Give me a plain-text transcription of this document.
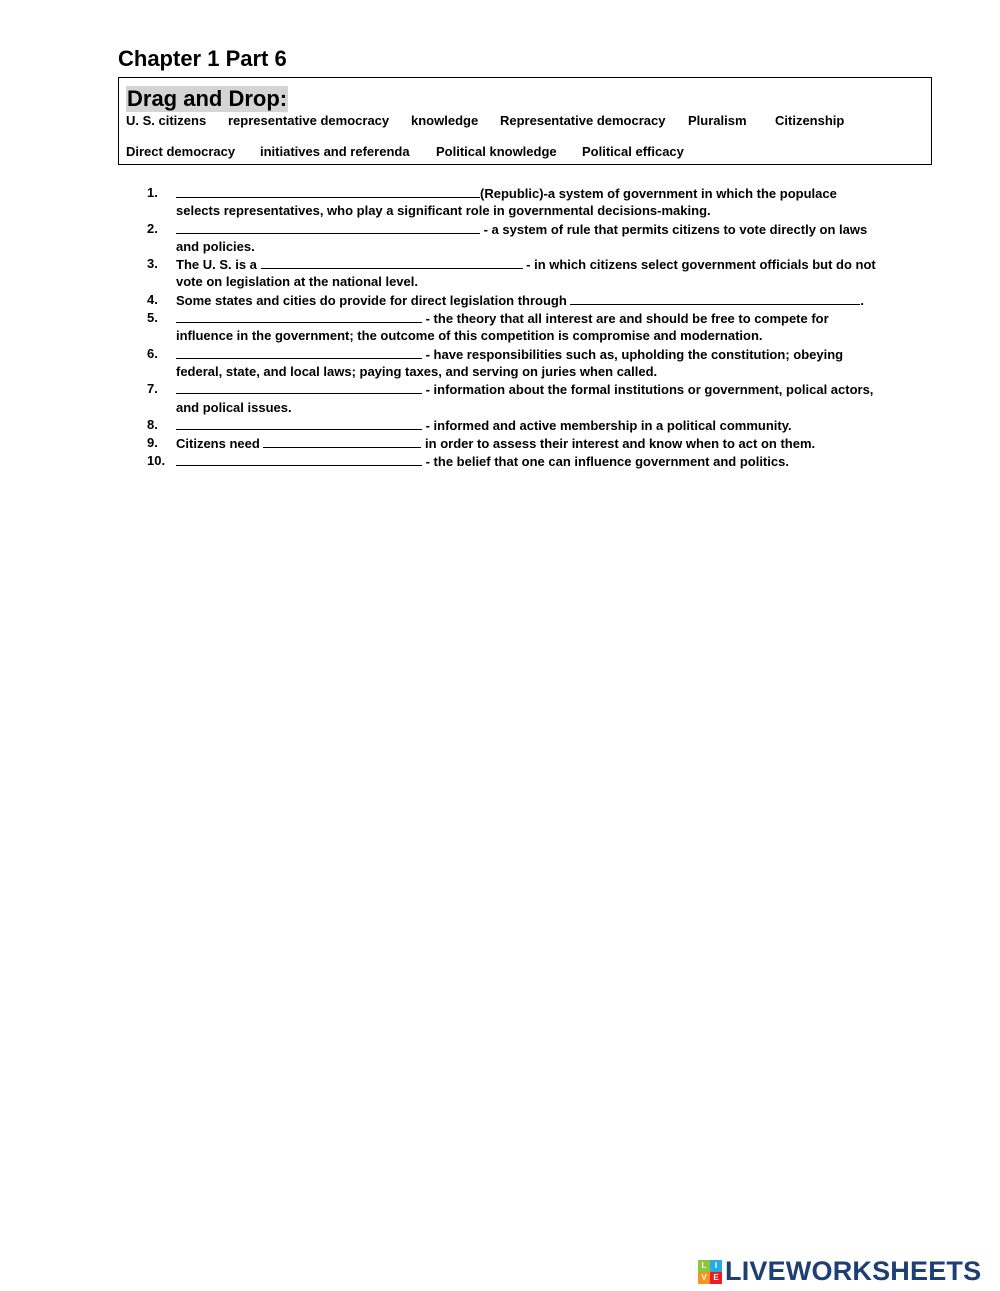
Chapter 1 Part 6
Drag and Drop:
U. S. citizens representative democracy knowledge Representative democracy Pluralism Citizenship
Direct democracy initiatives and referenda Political knowledge Political efficacy
1.	(Republic)-a system of government in which the populace selects representatives, who play a significant role in governmental decisions-making.
2.	- a system of rule that permits citizens to vote directly on laws and policies.
3.	The U. S. is a	- in which citizens select government officials but do not vote on legislation at the national level.
4.	Some states and cities do provide for direct legislation through	.
5.	- the theory that all interest are and should be free to compete for influence in the government; the outcome of this competition is compromise and modernation.
6.	- have responsibilities such as, upholding the constitution; obeying federal, state, and local laws; paying taxes, and serving on juries when called.
7.	- information about the formal institutions or government, polical actors, and polical issues.
8.	- informed and active membership in a political community.
9.	Citizens need	in order to assess their interest and know when to act on them.
10.	- the belief that one can influence government and politics.
L	I
V E LIVEWORKSHEETS
